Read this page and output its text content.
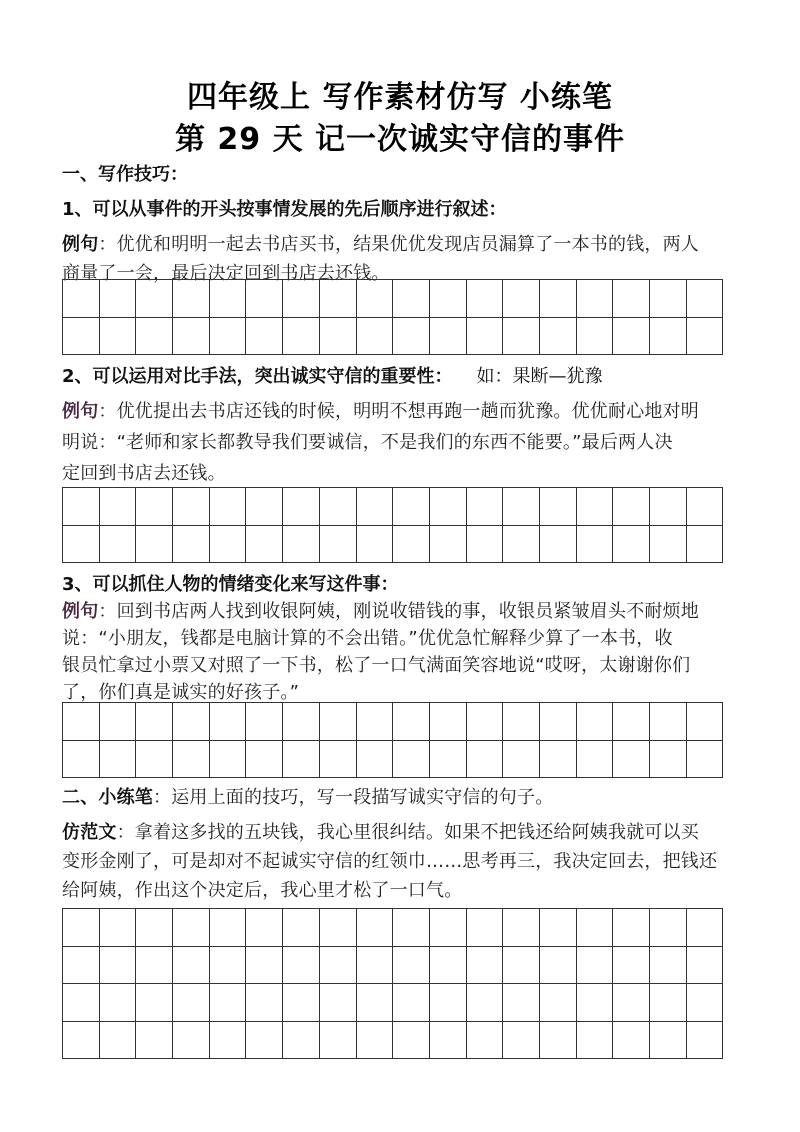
四年级上 写作素材仿写 小练笔
第 29 天 记一次诚实守信的事件
一、写作技巧：
1、可以从事件的开头按事情发展的先后顺序进行叙述：
例句：优优和明明一起去书店买书，结果优优发现店员漏算了一本书的钱，两人
商量了一会，最后决定回到书店去还钱。
2、可以运用对比手法，突出诚实守信的重要性： 如：果断—犹豫
例句：优优提出去书店还钱的时候，明明不想再跑一趟而犹豫。优优耐心地对明
明说：“老师和家长都教导我们要诚信，不是我们的东西不能要。”最后两人决
定回到书店去还钱。
3、可以抓住人物的情绪变化来写这件事：
例句：回到书店两人找到收银阿姨，刚说收错钱的事，收银员紧皱眉头不耐烦地
说：“小朋友，钱都是电脑计算的不会出错。”优优急忙解释少算了一本书，收
银员忙拿过小票又对照了一下书，松了一口气满面笑容地说“哎呀，太谢谢你们
了，你们真是诚实的好孩子。”
二、小练笔：运用上面的技巧，写一段描写诚实守信的句子。
仿范文：拿着这多找的五块钱，我心里很纠结。如果不把钱还给阿姨我就可以买
变形金刚了，可是却对不起诚实守信的红领巾……思考再三，我决定回去，把钱还
给阿姨，作出这个决定后，我心里才松了一口气。
